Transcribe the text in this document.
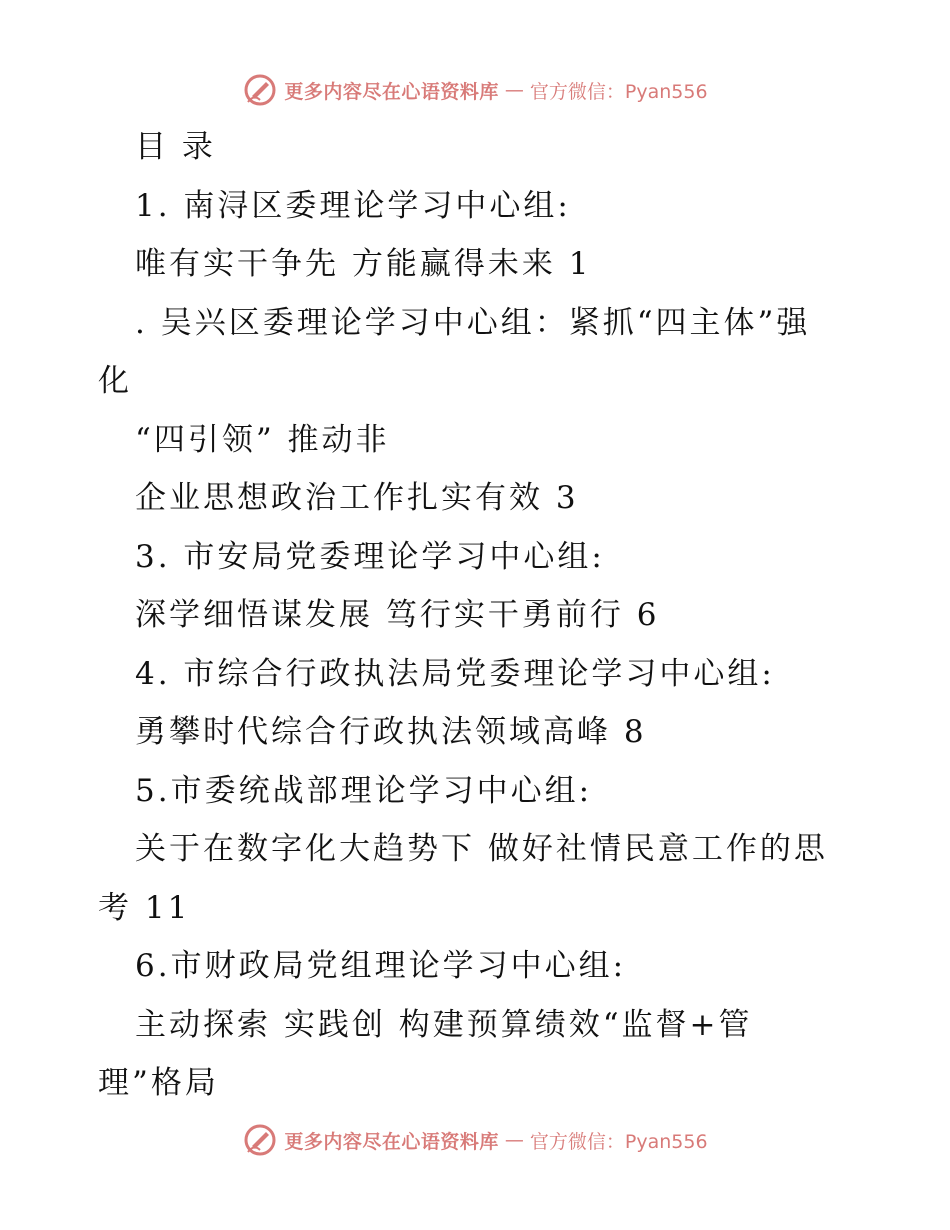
更多内容尽在心语资料库 — 官方微信：Pyan556
目 录
1. 南浔区委理论学习中心组:
唯有实干争先 方能赢得未来 1
. 吴兴区委理论学习中心组：紧抓“四主体”强
化
“四引领” 推动非
企业思想政治工作扎实有效 3
3. 市安局党委理论学习中心组:
深学细悟谋发展 笃行实干勇前行 6
4. 市综合行政执法局党委理论学习中心组:
勇攀时代综合行政执法领域高峰 8
5.市委统战部理论学习中心组:
关于在数字化大趋势下 做好社情民意工作的思
考 11
6.市财政局党组理论学习中心组:
主动探索 实践创 构建预算绩效“监督+管
理”格局
更多内容尽在心语资料库 — 官方微信：Pyan556
